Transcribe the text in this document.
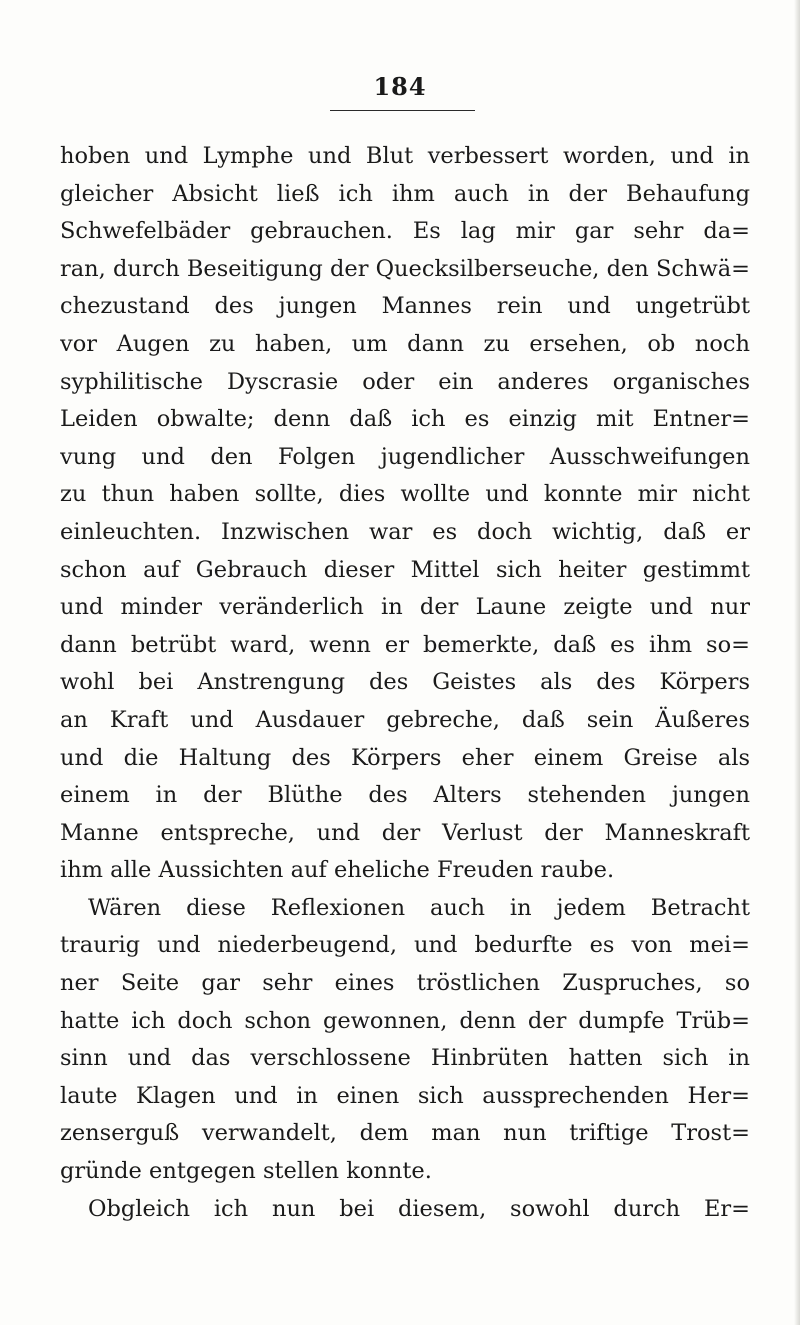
184
hoben und Lymphe und Blut verbessert worden, und in
gleicher Absicht ließ ich ihm auch in der Behaufung
Schwefelbäder gebrauchen. Es lag mir gar sehr da=
ran, durch Beseitigung der Quecksilberseuche, den Schwä=
chezustand des jungen Mannes rein und ungetrübt
vor Augen zu haben, um dann zu ersehen, ob noch
syphilitische Dyscrasie oder ein anderes organisches
Leiden obwalte; denn daß ich es einzig mit Entner=
vung und den Folgen jugendlicher Ausschweifungen
zu thun haben sollte, dies wollte und konnte mir nicht
einleuchten. Inzwischen war es doch wichtig, daß er
schon auf Gebrauch dieser Mittel sich heiter gestimmt
und minder veränderlich in der Laune zeigte und nur
dann betrübt ward, wenn er bemerkte, daß es ihm so=
wohl bei Anstrengung des Geistes als des Körpers
an Kraft und Ausdauer gebreche, daß sein Äußeres
und die Haltung des Körpers eher einem Greise als
einem in der Blüthe des Alters stehenden jungen
Manne entspreche, und der Verlust der Manneskraft
ihm alle Aussichten auf eheliche Freuden raube.
Wären diese Reflexionen auch in jedem Betracht
traurig und niederbeugend, und bedurfte es von mei=
ner Seite gar sehr eines tröstlichen Zuspruches, so
hatte ich doch schon gewonnen, denn der dumpfe Trüb=
sinn und das verschlossene Hinbrüten hatten sich in
laute Klagen und in einen sich aussprechenden Her=
zenserguß verwandelt, dem man nun triftige Trost=
gründe entgegen stellen konnte.
Obgleich ich nun bei diesem, sowohl durch Er=
